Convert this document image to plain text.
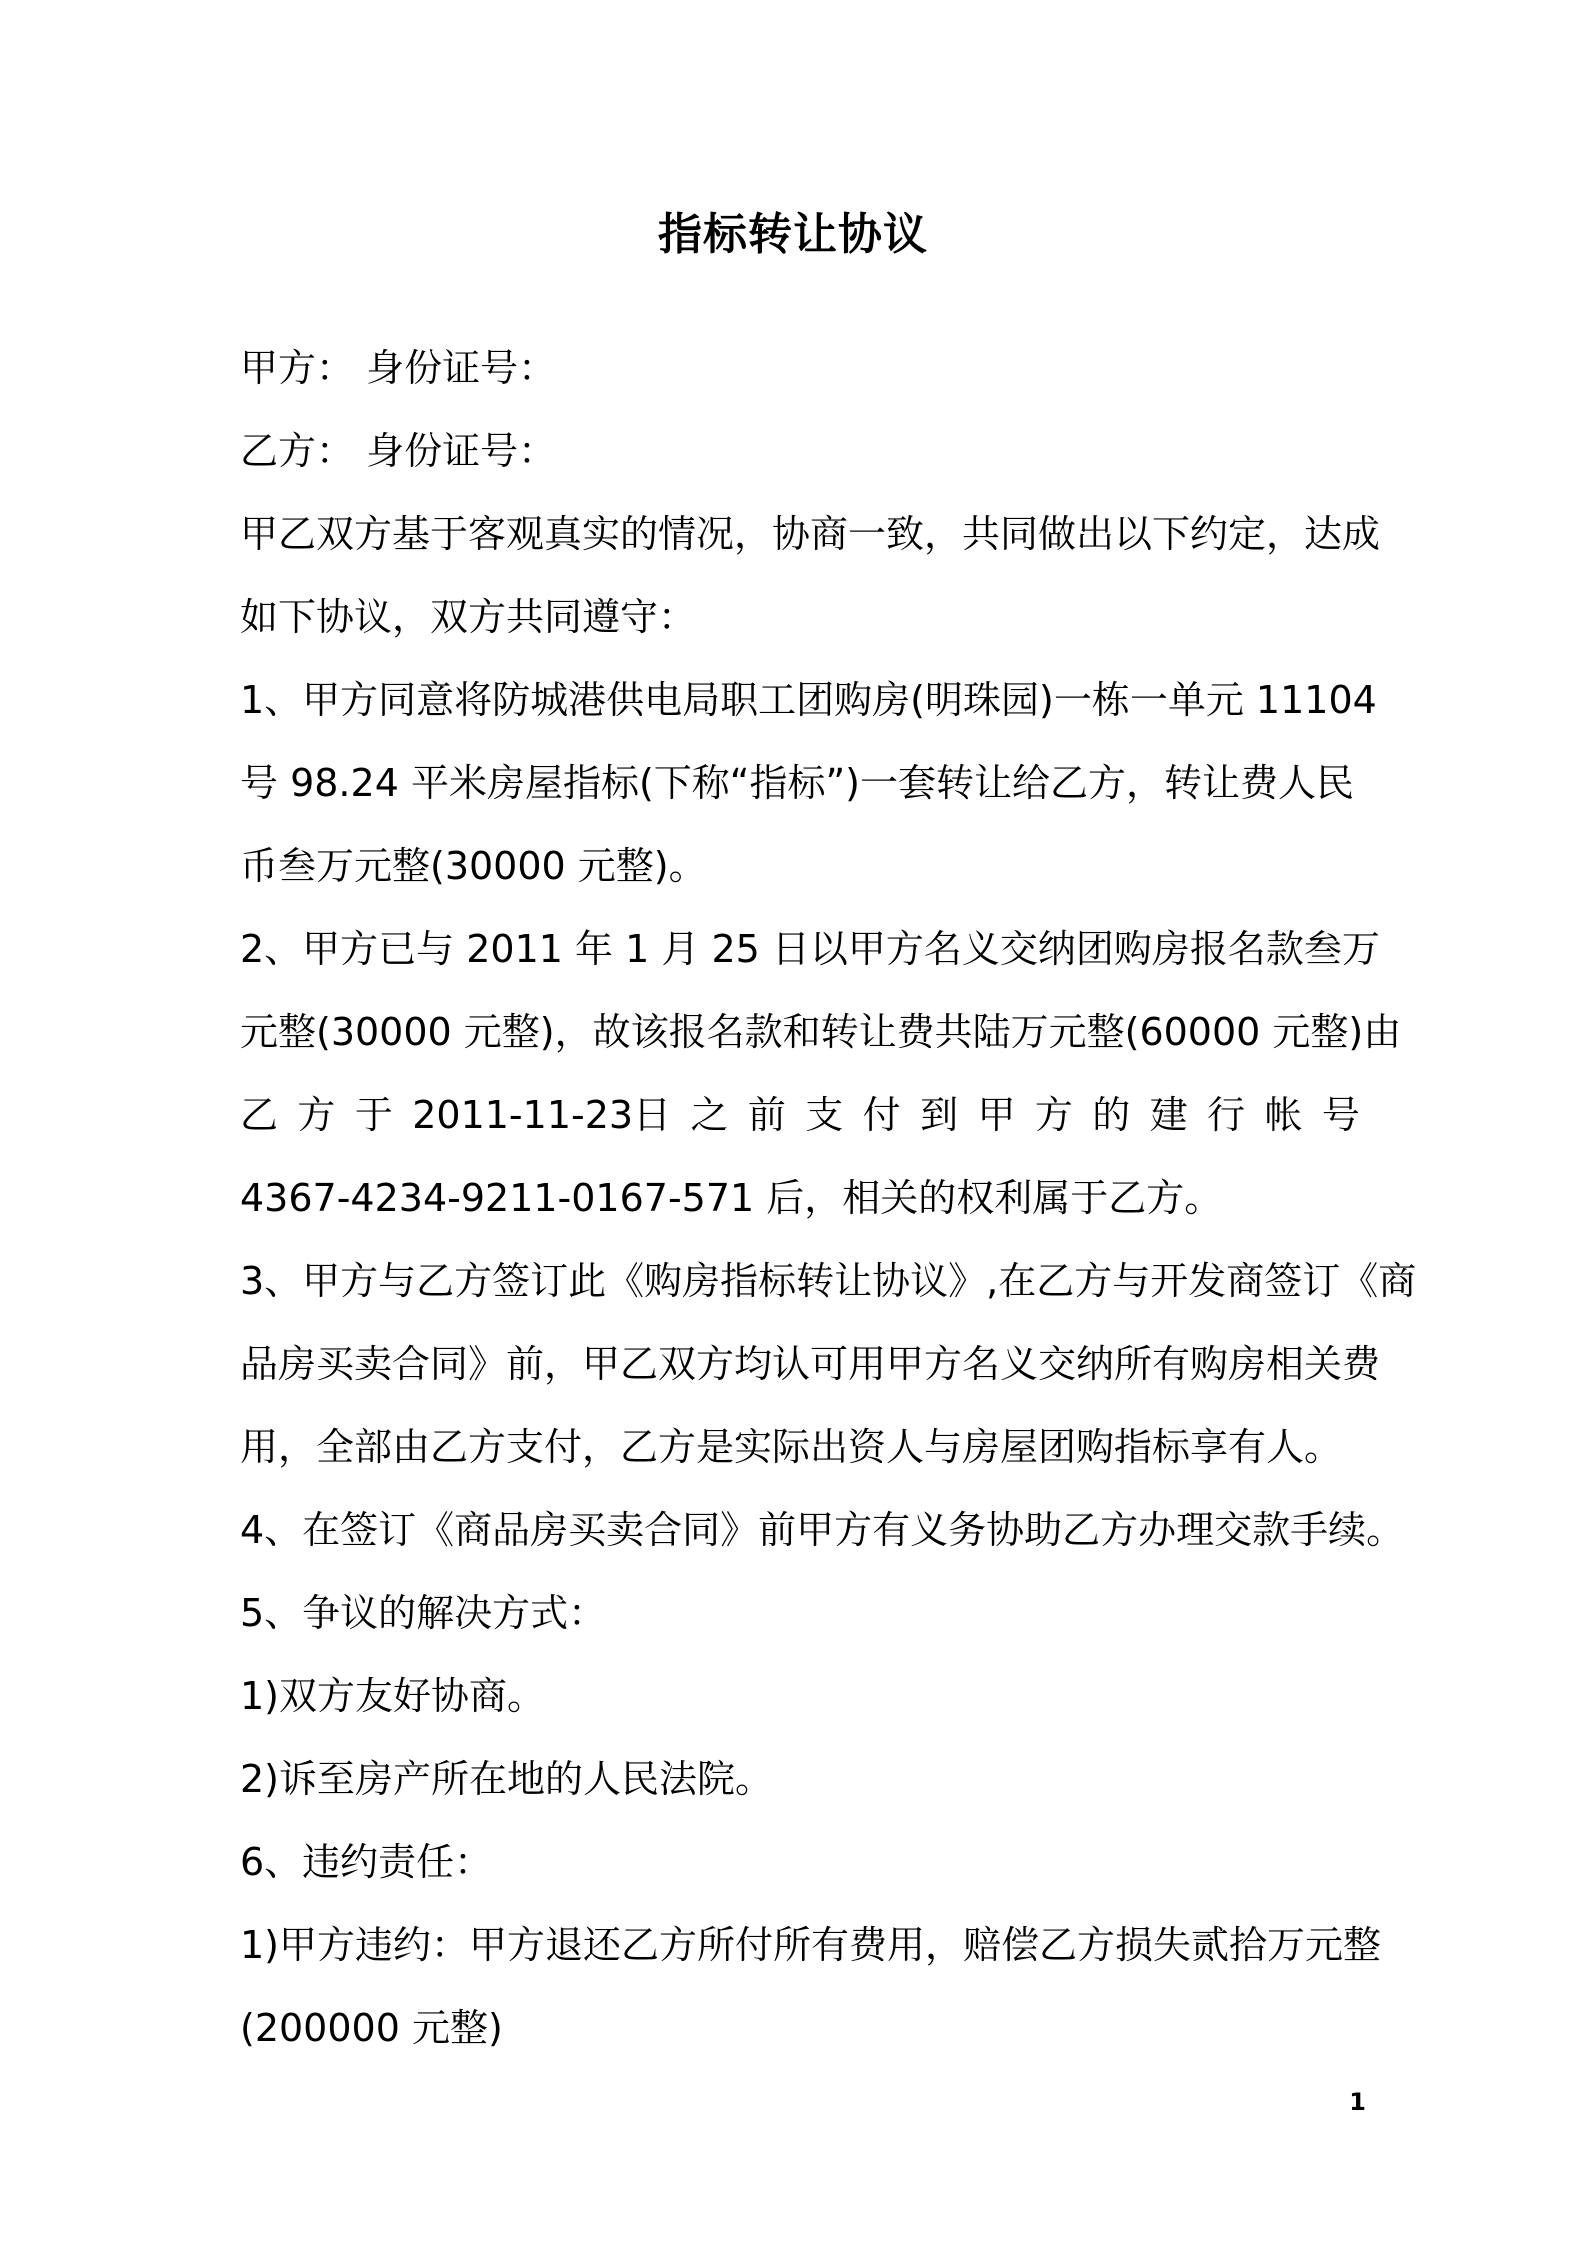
指标转让协议

甲方： 身份证号：

乙方： 身份证号：

甲乙双方基于客观真实的情况，协商一致，共同做出以下约定，达成

如下协议，双方共同遵守：

1、甲方同意将防城港供电局职工团购房(明珠园)一栋一单元 11104

号 98.24 平米房屋指标(下称“指标”)一套转让给乙方，转让费人民

币叁万元整(30000 元整)。

2、甲方已与 2011 年 1 月 25 日以甲方名义交纳团购房报名款叁万

元整(30000 元整)，故该报名款和转让费共陆万元整(60000 元整)由

乙 方 于 2011-11-23日 之 前 支 付 到 甲 方 的 建 行 帐 号

4367-4234-9211-0167-571 后，相关的权利属于乙方。

3、甲方与乙方签订此《购房指标转让协议》,在乙方与开发商签订《商

品房买卖合同》前，甲乙双方均认可用甲方名义交纳所有购房相关费

用，全部由乙方支付，乙方是实际出资人与房屋团购指标享有人。

4、在签订《商品房买卖合同》前甲方有义务协助乙方办理交款手续。

5、争议的解决方式：

1)双方友好协商。

2)诉至房产所在地的人民法院。

6、违约责任：

1)甲方违约：甲方退还乙方所付所有费用，赔偿乙方损失贰拾万元整

(200000 元整)

1
